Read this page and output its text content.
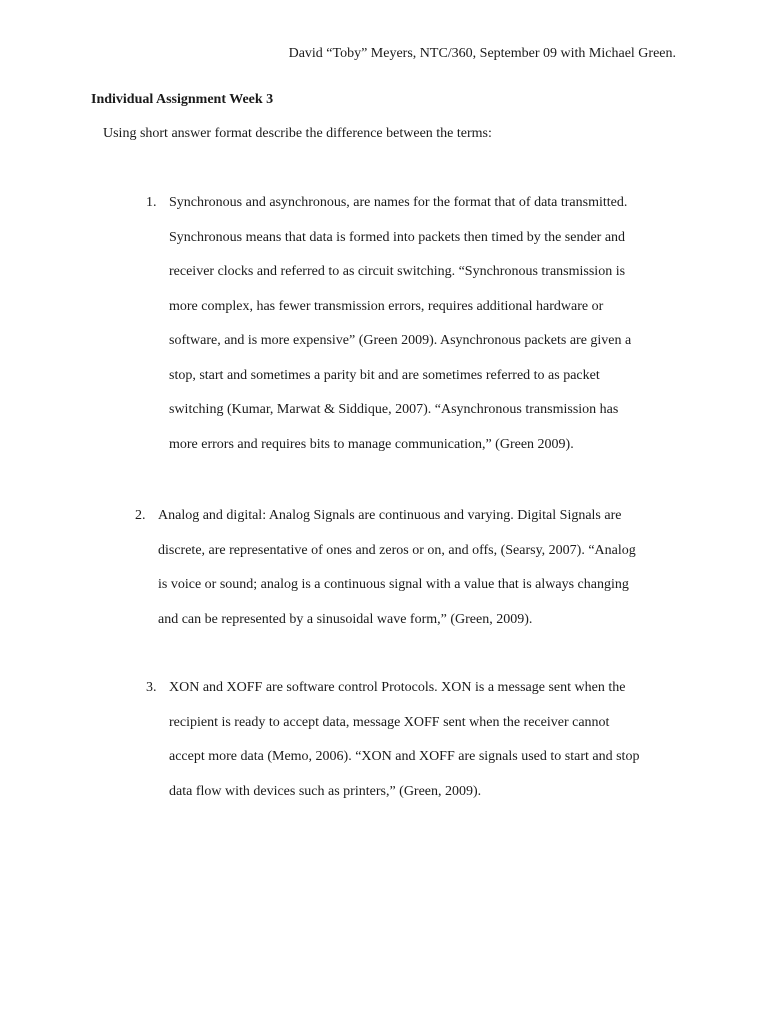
David “Toby” Meyers, NTC/360, September 09 with Michael Green.
Individual Assignment Week 3
Using short answer format describe the difference between the terms:
1. Synchronous and asynchronous, are names for the format that of data transmitted.
Synchronous means that data is formed into packets then timed by the sender and
receiver clocks and referred to as circuit switching. “Synchronous transmission is
more complex, has fewer transmission errors, requires additional hardware or
software, and is more expensive” (Green 2009). Asynchronous packets are given a
stop, start and sometimes a parity bit and are sometimes referred to as packet
switching (Kumar, Marwat & Siddique, 2007). “Asynchronous transmission has
more errors and requires bits to manage communication,” (Green 2009).
2. Analog and digital: Analog Signals are continuous and varying. Digital Signals are
discrete, are representative of ones and zeros or on, and offs, (Searsy, 2007). “Analog
is voice or sound; analog is a continuous signal with a value that is always changing
and can be represented by a sinusoidal wave form,” (Green, 2009).
3. XON and XOFF are software control Protocols. XON is a message sent when the
recipient is ready to accept data, message XOFF sent when the receiver cannot
accept more data (Memo, 2006). “XON and XOFF are signals used to start and stop
data flow with devices such as printers,” (Green, 2009).
